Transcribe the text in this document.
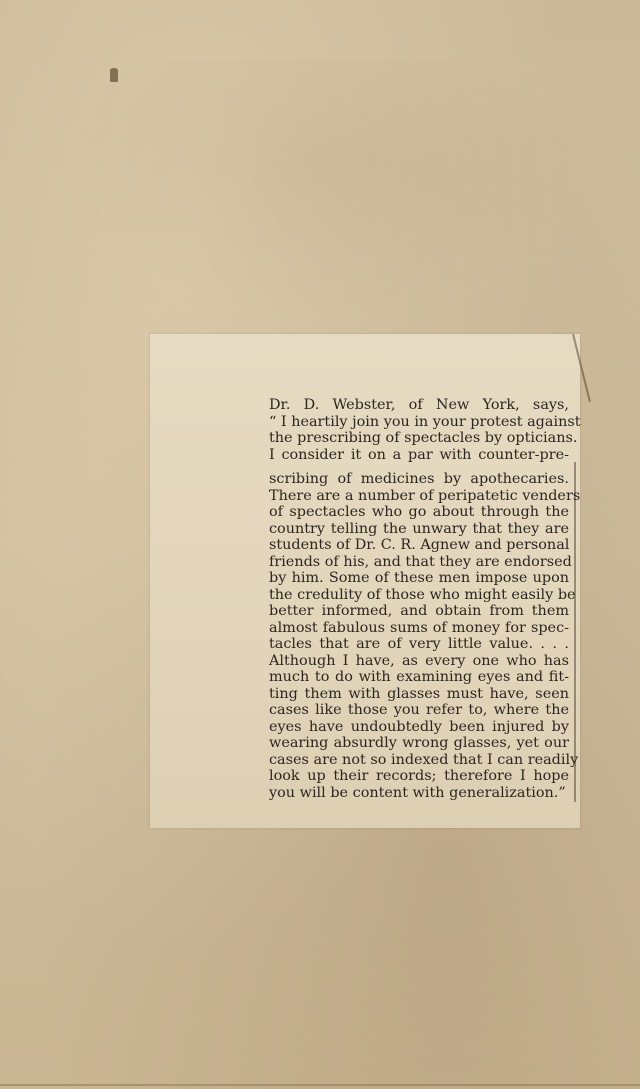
Dr. D. Webster, of New York, says,
“ I heartily join you in your protest against
the prescribing of spectacles by opticians.
I consider it on a par with counter-pre-
scribing of medicines by apothecaries.
There are a number of peripatetic venders
of spectacles who go about through the
country telling the unwary that they are
students of Dr. C. R. Agnew and personal
friends of his, and that they are endorsed
by him. Some of these men impose upon
the credulity of those who might easily be
better informed, and obtain from them
almost fabulous sums of money for spec-
tacles that are of very little value. . . .
Although I have, as every one who has
much to do with examining eyes and fit-
ting them with glasses must have, seen
cases like those you refer to, where the
eyes have undoubtedly been injured by
wearing absurdly wrong glasses, yet our
cases are not so indexed that I can readily
look up their records; therefore I hope
you will be content with generalization.”
